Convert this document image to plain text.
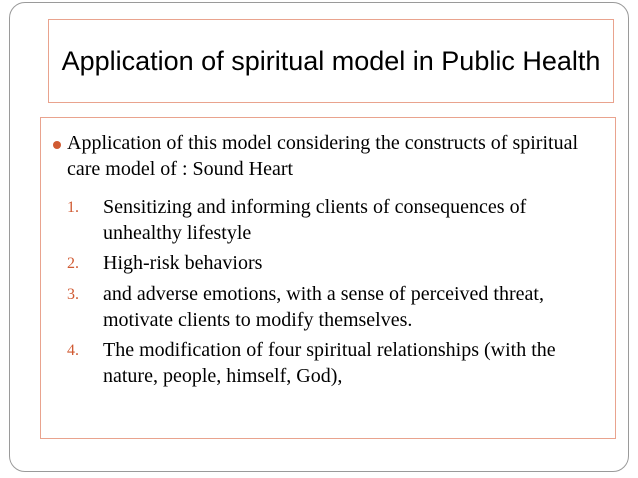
Application of spiritual model in Public Health
Application of this model considering the constructs of spiritual care model of : Sound Heart
1.	Sensitizing and informing clients of consequences of unhealthy lifestyle
2.	High-risk behaviors
3.	and adverse emotions, with a sense of perceived threat, motivate clients to modify themselves.
4.	The modification of four spiritual relationships (with the nature, people, himself, God),
